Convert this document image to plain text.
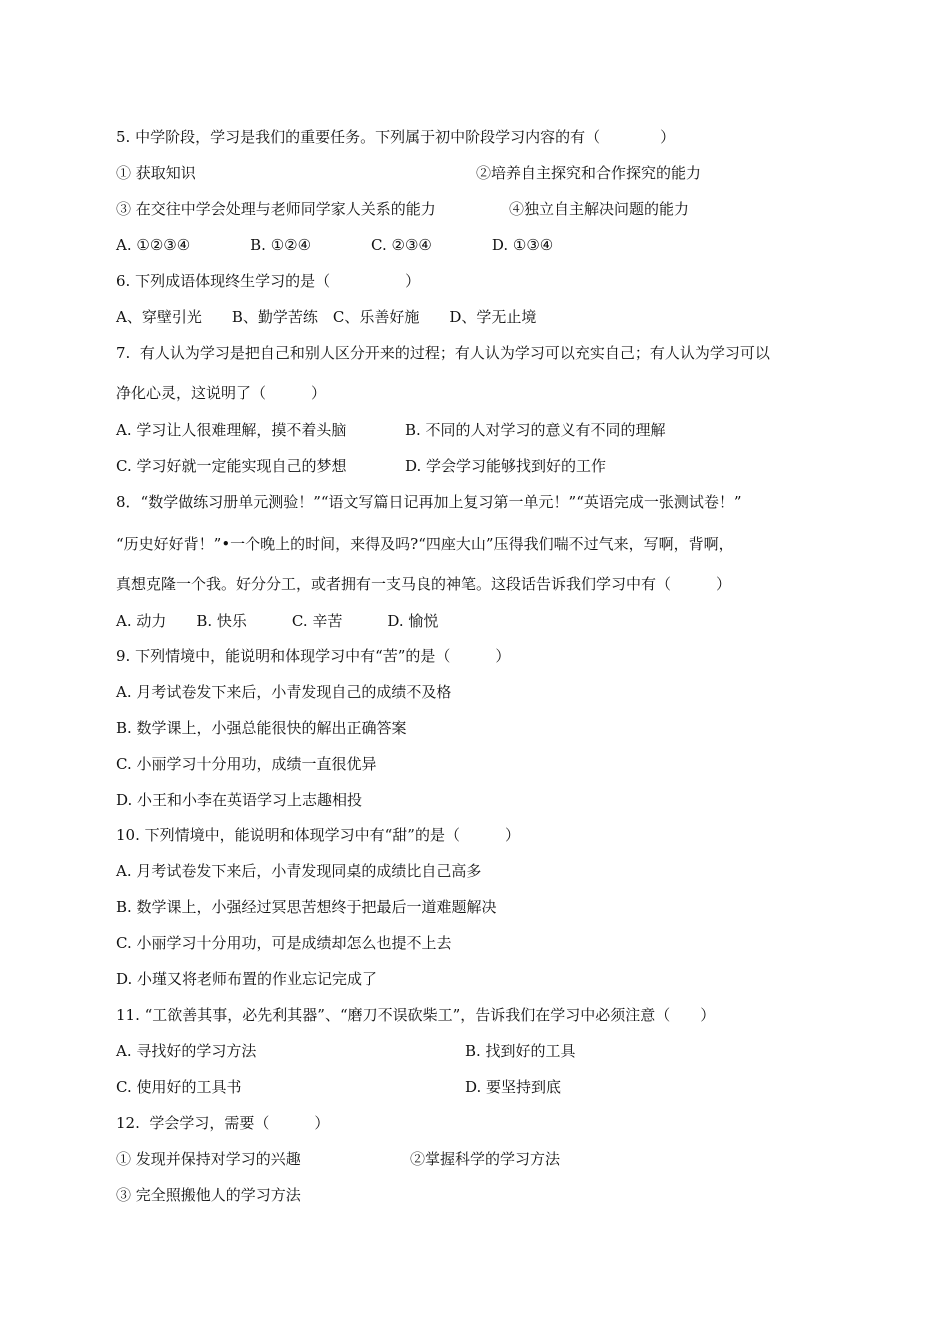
5. 中学阶段，学习是我们的重要任务。下列属于初中阶段学习内容的有（　　　　）
① 获取知识	②培养自主探究和合作探究的能力
③ 在交往中学会处理与老师同学家人关系的能力	④独立自主解决问题的能力
A. ①②③④　　　　B. ①②④　　　　C. ②③④　　　　D. ①③④
6. 下列成语体现终生学习的是（　　　　　）
A、穿壁引光　　B、勤学苦练　C、乐善好施　　D、学无止境
7.  有人认为学习是把自己和别人区分开来的过程；有人认为学习可以充实自己；有人认为学习可以
净化心灵，这说明了（　　　）
A. 学习让人很难理解，摸不着头脑	B. 不同的人对学习的意义有不同的理解
C. 学习好就一定能实现自己的梦想	D. 学会学习能够找到好的工作
8．“数学做练习册单元测验！”“语文写篇日记再加上复习第一单元！”“英语完成一张测试卷！”
“历史好好背！”•一个晚上的时间，来得及吗?“四座大山”压得我们喘不过气来，写啊，背啊，
真想克隆一个我。好分分工，或者拥有一支马良的神笔。这段话告诉我们学习中有（　　　）
A. 动力　　B. 快乐　　　C. 辛苦　　　D. 愉悦
9. 下列情境中，能说明和体现学习中有“苦”的是（　　　）
A. 月考试卷发下来后，小青发现自己的成绩不及格
B. 数学课上，小强总能很快的解出正确答案
C. 小丽学习十分用功，成绩一直很优异
D. 小王和小李在英语学习上志趣相投
10. 下列情境中，能说明和体现学习中有“甜”的是（　　　）
A. 月考试卷发下来后，小青发现同桌的成绩比自己高多
B. 数学课上，小强经过冥思苦想终于把最后一道难题解决
C. 小丽学习十分用功，可是成绩却怎么也提不上去
D. 小瑾又将老师布置的作业忘记完成了
11. “工欲善其事，必先利其器”、“磨刀不误砍柴工”，告诉我们在学习中必须注意（　　）
A. 寻找好的学习方法	B. 找到好的工具
C. 使用好的工具书	D. 要坚持到底
12.  学会学习，需要（　　　）
① 发现并保持对学习的兴趣	②掌握科学的学习方法
③ 完全照搬他人的学习方法
